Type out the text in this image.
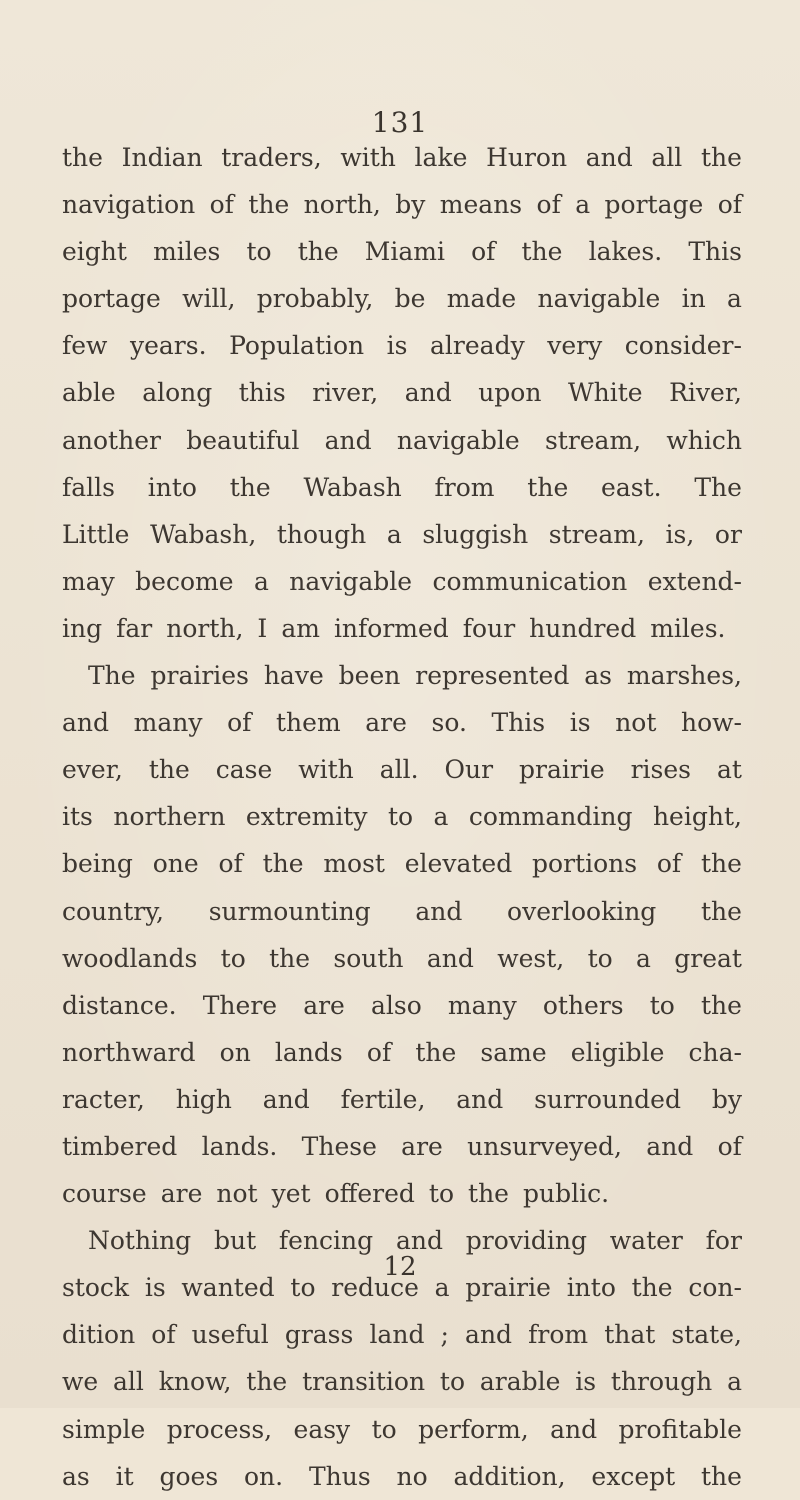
131
the Indian traders, with lake Huron and all the
navigation of the north, by means of a portage of
eight miles to the Miami of the lakes. This
portage will, probably, be made navigable in a
few years. Population is already very consider-
able along this river, and upon White River,
another beautiful and navigable stream, which
falls into the Wabash from the east. The
Little Wabash, though a sluggish stream, is, or
may become a navigable communication extend-
ing far north, I am informed four hundred miles.
The prairies have been represented as marshes,
and many of them are so. This is not how-
ever, the case with all. Our prairie rises at
its northern extremity to a commanding height,
being one of the most elevated portions of the
country, surmounting and overlooking the
woodlands to the south and west, to a great
distance. There are also many others to the
northward on lands of the same eligible cha-
racter, high and fertile, and surrounded by
timbered lands. These are unsurveyed, and of
course are not yet offered to the public.
Nothing but fencing and providing water for
stock is wanted to reduce a prairie into the con-
dition of useful grass land ; and from that state,
we all know, the transition to arable is through a
simple process, easy to perform, and profitable
as it goes on. Thus no addition, except the
12
